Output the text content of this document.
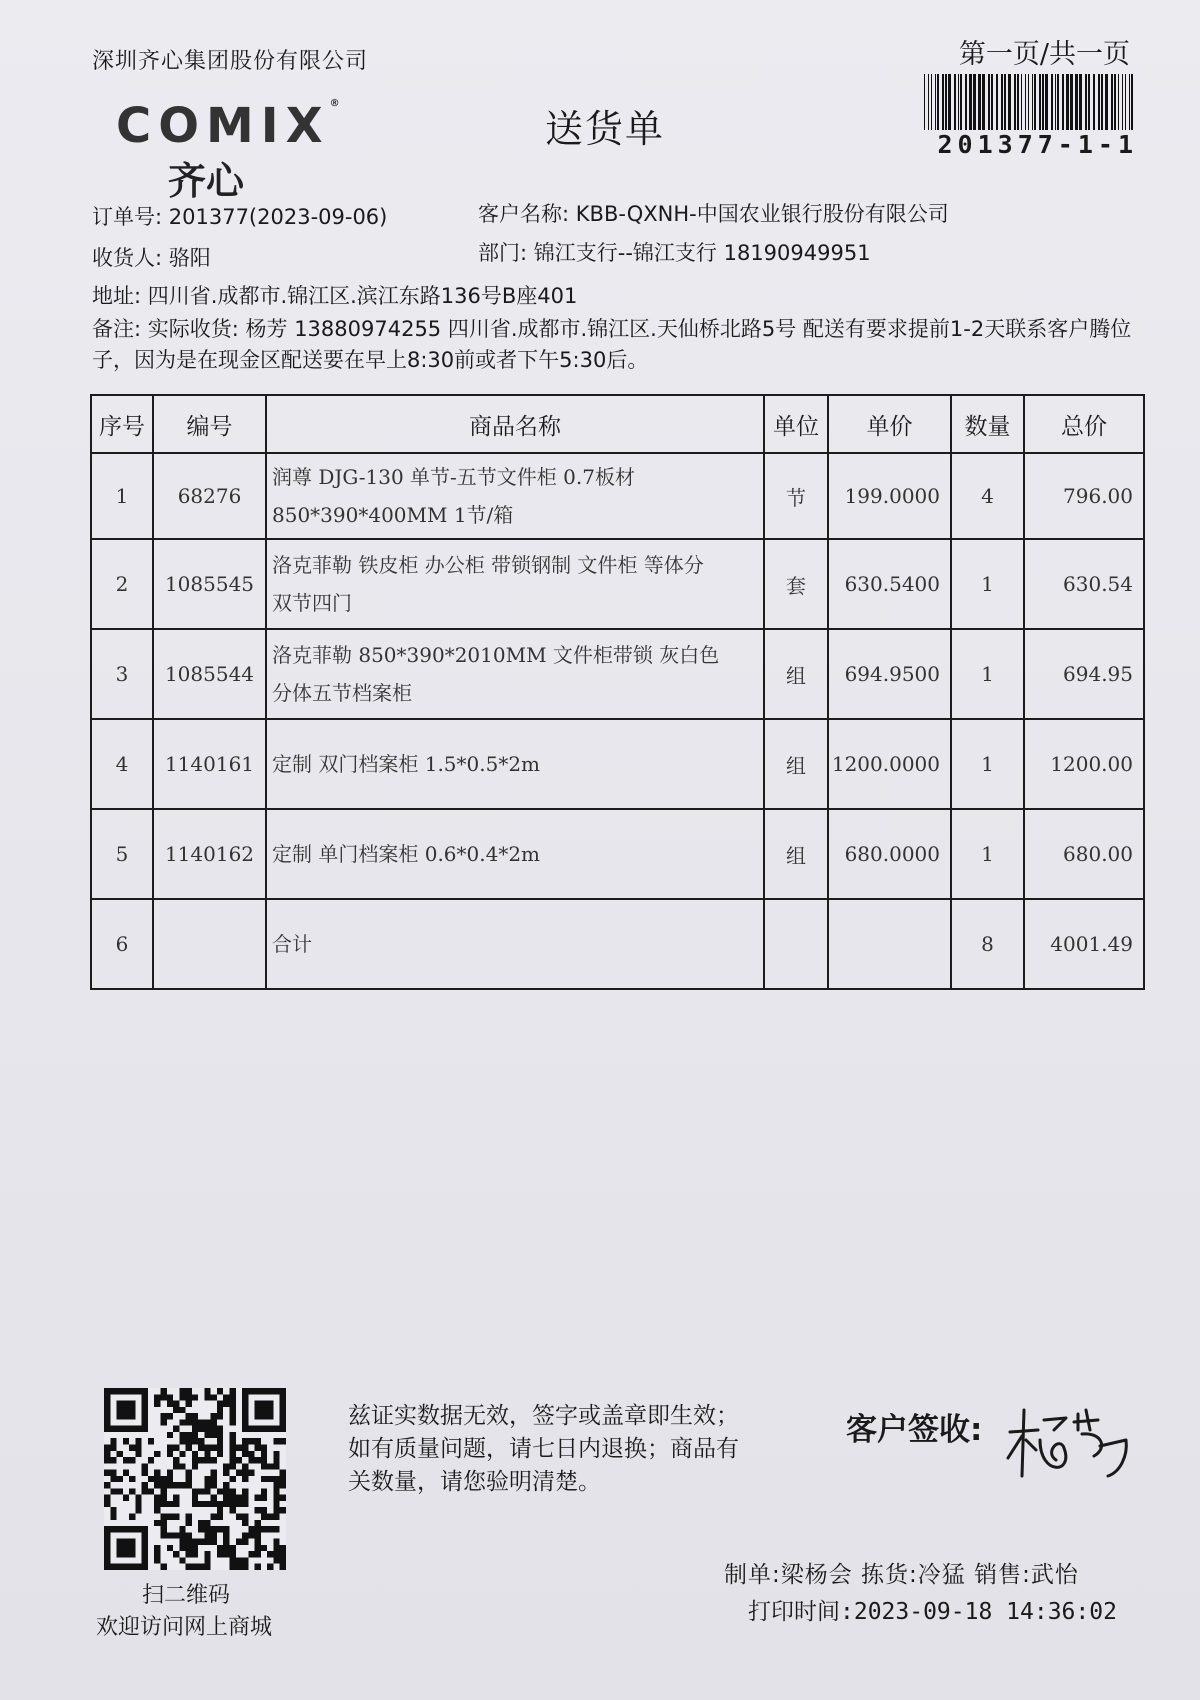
深圳齐心集团股份有限公司	第一页/共一页
201377-1-1
COMIX®
齐心
送货单
订单号: 201377(2023-09-06)	客户名称: KBB-QXNH-中国农业银行股份有限公司
收货人: 骆阳	部门: 锦江支行--锦江支行 18190949951
地址: 四川省.成都市.锦江区.滨江东路136号B座401
备注: 实际收货: 杨芳 13880974255 四川省.成都市.锦江区.天仙桥北路5号 配送有要求提前1-2天联系客户腾位子，因为是在现金区配送要在早上8:30前或者下午5:30后。
序号	编号	商品名称	单位	单价	数量	总价
1	68276	润尊 DJG-130 单节-五节文件柜 0.7板材
850*390*400MM 1节/箱	节	199.0000	4	796.00
2	1085545	洛克菲勒 铁皮柜 办公柜 带锁钢制 文件柜 等体分
双节四门	套	630.5400	1	630.54
3	1085544	洛克菲勒 850*390*2010MM 文件柜带锁 灰白色
分体五节档案柜	组	694.9500	1	694.95
4	1140161	定制 双门档案柜 1.5*0.5*2m	组	1200.0000	1	1200.00
5	1140162	定制 单门档案柜 0.6*0.4*2m	组	680.0000	1	680.00
6		合计			8	4001.49
扫二维码
欢迎访问网上商城
兹证实数据无效，签字或盖章即生效；如有质量问题，请七日内退换；商品有关数量，请您验明清楚。
客户签收:
制单:梁杨会 拣货:冷猛 销售:武怡
打印时间:2023-09-18 14:36:02
